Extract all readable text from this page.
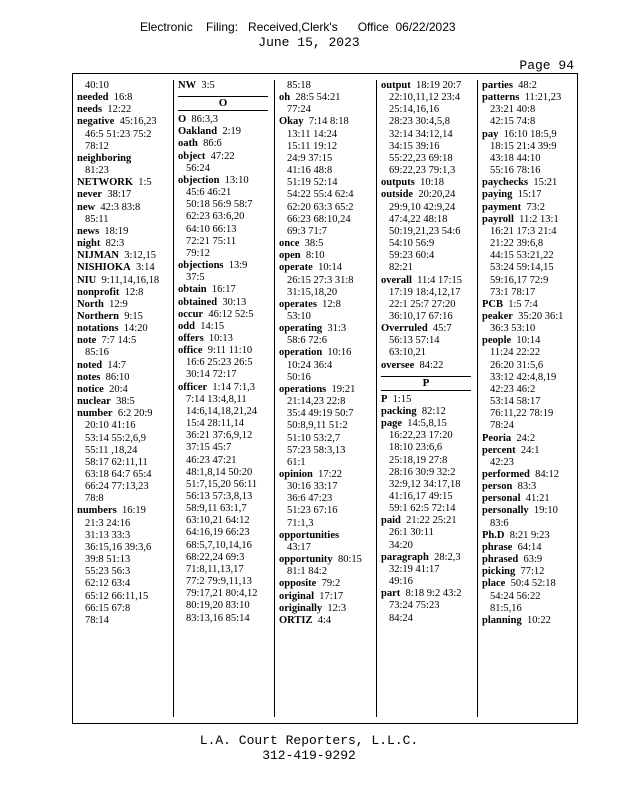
Electronic    Filing:   Received,Clerk's      Office  06/22/2023
June 15, 2023
Page 94
40:10
needed 16:8
needs 12:22
negative 45:16,23
46:5 51:23 75:2
78:12
neighboring
81:23
NETWORK 1:5
never 38:17
new 42:3 83:8
85:11
news 18:19
night 82:3
NIJMAN 3:12,15
NISHIOKA 3:14
NIU 9:11,14,16,18
nonprofit 12:8
North 12:9
Northern 9:15
notations 14:20
note 7:7 14:5
85:16
noted 14:7
notes 86:10
notice 20:4
nuclear 38:5
number 6:2 20:9
20:10 41:16
53:14 55:2,6,9
55:11 ,18,24
58:17 62:11,11
63:18 64:7 65:4
66:24 77:13,23
78:8
numbers 16:19
21:3 24:16
31:13 33:3
36:15,16 39:3,6
39:8 51:13
55:23 56:3
62:12 63:4
65:12 66:11,15
66:15 67:8
78:14
NW 3:5
O
O 86:3,3
Oakland 2:19
oath 86:6
object 47:22
56:24
objection 13:10
45:6 46:21
50:18 56:9 58:7
62:23 63:6,20
64:10 66:13
72:21 75:11
79:12
objections 13:9
37:5
obtain 16:17
obtained 30:13
occur 46:12 52:5
odd 14:15
offers 10:13
office 9:11 11:10
16:6 25:23 26:5
30:14 72:17
officer 1:14 7:1,3
7:14 13:4,8,11
14:6,14,18,21,24
15:4 28:11,14
36:21 37:6,9,12
37:15 45:7
46:23 47:21
48:1,8,14 50:20
51:7,15,20 56:11
56:13 57:3,8,13
58:9,11 63:1,7
63:10,21 64:12
64:16,19 66:23
68:5,7,10,14,16
68:22,24 69:3
71:8,11,13,17
77:2 79:9,11,13
79:17,21 80:4,12
80:19,20 83:10
83:13,16 85:14
85:18
oh 28:5 54:21
77:24
Okay 7:14 8:18
13:11 14:24
15:11 19:12
24:9 37:15
41:16 48:8
51:19 52:14
54:22 55:4 62:4
62:20 63:3 65:2
66:23 68:10,24
69:3 71:7
once 38:5
open 8:10
operate 10:14
26:15 27:3 31:8
31:15,18,20
operates 12:8
53:10
operating 31:3
58:6 72:6
operation 10:16
10:24 36:4
50:16
operations 19:21
21:14,23 22:8
35:4 49:19 50:7
50:8,9,11 51:2
51:10 53:2,7
57:23 58:3,13
61:1
opinion 17:22
30:16 33:17
36:6 47:23
51:23 67:16
71:1,3
opportunities
43:17
opportunity 80:15
81:1 84:2
opposite 79:2
original 17:17
originally 12:3
ORTIZ 4:4
output 18:19 20:7
22:10,11,12 23:4
25:14,16,16
28:23 30:4,5,8
32:14 34:12,14
34:15 39:16
55:22,23 69:18
69:22,23 79:1,3
outputs 10:18
outside 20:20,24
29:9,10 42:9,24
47:4,22 48:18
50:19,21,23 54:6
54:10 56:9
59:23 60:4
82:21
overall 11:4 17:15
17:19 18:4,12,17
22:1 25:7 27:20
36:10,17 67:16
Overruled 45:7
56:13 57:14
63:10,21
oversee 84:22
P
P 1:15
packing 82:12
page 14:5,8,15
16:22,23 17:20
18:10 23:6,6
25:18,19 27:8
28:16 30:9 32:2
32:9,12 34:17,18
41:16,17 49:15
59:1 62:5 72:14
paid 21:22 25:21
26:1 30:11
34:20
paragraph 28:2,3
32:19 41:17
49:16
part 8:18 9:2 43:2
73:24 75:23
84:24
parties 48:2
patterns 11:21,23
23:21 40:8
42:15 74:8
pay 16:10 18:5,9
18:15 21:4 39:9
43:18 44:10
55:16 78:16
paychecks 15:21
paying 15:17
payment 73:2
payroll 11:2 13:1
16:21 17:3 21:4
21:22 39:6,8
44:15 53:21,22
53:24 59:14,15
59:16,17 72:9
73:1 78:17
PCB 1:5 7:4
peaker 35:20 36:1
36:3 53:10
people 10:14
11:24 22:22
26:20 31:5,6
33:12 42:4,8,19
42:23 46:2
53:14 58:17
76:11,22 78:19
78:24
Peoria 24:2
percent 24:1
42:23
performed 84:12
person 83:3
personal 41:21
personally 19:10
83:6
Ph.D 8:21 9:23
phrase 64:14
phrased 63:9
picking 77:12
place 50:4 52:18
54:24 56:22
81:5,16
planning 10:22
L.A. Court Reporters, L.L.C.
312-419-9292
